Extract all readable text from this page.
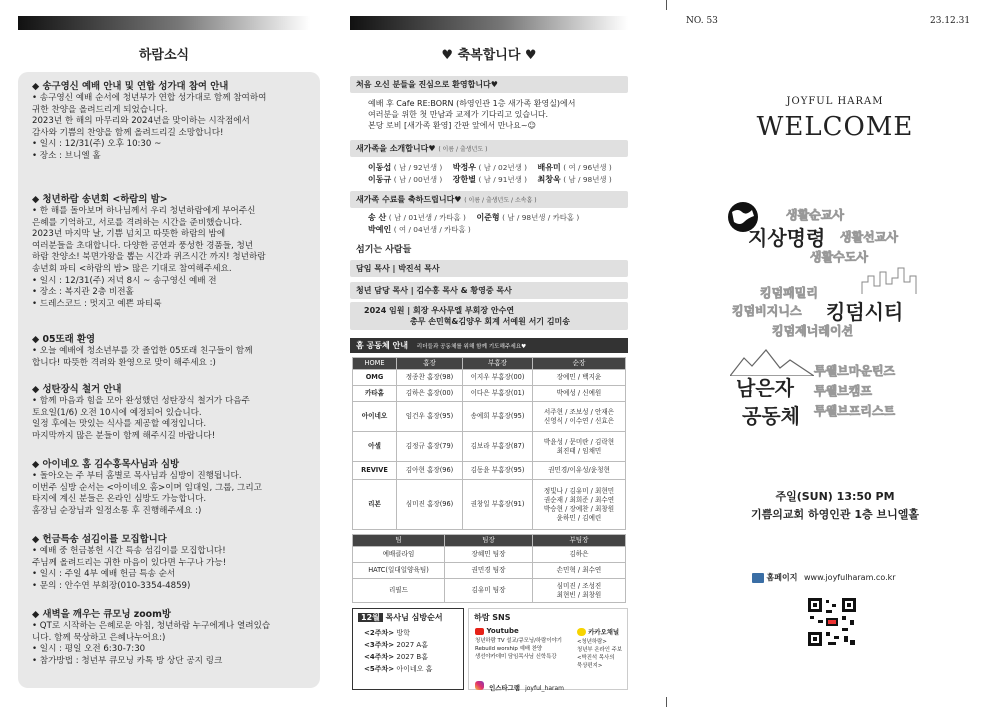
하람소식
◆ 송구영신 예배 안내 및 연합 성가대 참여 안내

• 송구영신 예배 순서에 청년부가 연합 성가대로 함께 참여하여
귀한 찬양을 올려드리게 되었습니다.
2023년 한 해의 마무리와 2024년을 맞이하는 시작점에서
감사와 기쁨의 찬양을 함께 올려드리길 소망합니다!
• 일시 : 12/31(주) 오후 10:30 ~
• 장소 : 브니엘 홀

◆ 청년하람 송년회 <하람의 밤>

• 한 해를 돌아보며 하나님께서 우리 청년하람에게 부어주신
은혜를 기억하고, 서로를 격려하는 시간을 준비했습니다.
2023년 마지막 날, 기쁨 넘치고 따뜻한 하람의 밤에
여러분들을 초대합니다. 다양한 공연과 풍성한 경품들, 청년
하람 찬양소! 북면가왕을 뽑는 시간과 퀴즈시간 까지! 청년하람
송년회 파티 <하람의 밤> 많은 기대로 참여해주세요.
• 일시 : 12/31(주) 저녁 8시 ~ 송구영신 예배 전
• 장소 : 복지관 2층 비전홀
• 드레스코드 : 멋지고 예쁜 파티룩

◆ 05또래 환영

• 오늘 예배에 청소년부를 갓 졸업한 05또래 친구들이 함께
합니다! 따뜻한 격려와 환영으로 맞이 해주세요 :)

◆ 성탄장식 철거 안내

• 함께 마음과 힘을 모아 완성했던 성탄장식 철거가 다음주
토요일(1/6) 오전 10시에 예정되어 있습니다.
일정 후에는 맛있는 식사를 제공할 예정입니다.
마지막까지 많은 분들이 함께 해주시길 바랍니다!

◆ 아이네오 홈 김수홍목사님과 심방

• 돌아오는 주 부터 홈별로 목사님과 심방이 진행됩니다.
이번주 심방 순서는 <아이네오 홈>이며 임대일, 그룹, 그리고
타지에 계신 분들은 온라인 심방도 가능합니다.
홈장님 순장님과 일정소통 후 진행해주세요 :)

◆ 헌금특송 섬김이를 모집합니다

• 예배 중 헌금봉헌 시간 특송 섬김이를 모집합니다!
주님께 올려드리는 귀한 마음이 있다면 누구나 가능!
• 일시 : 주일 4부 예배 헌금 특송 순서
• 문의 : 안수연 부회장(010-3354-4859)

◆ 새벽을 깨우는 큐모닝 zoom방

• QT로 시작하는 은혜로운 아침, 청년하람 누구에게나 열려있습
니다. 함께 묵상하고 은혜나누어요:)
• 일시 : 평일 오전 6:30-7:30
• 참가방법 : 청년부 큐모닝 카톡 방 상단 공지 링크

♥ 축복합니다 ♥
처음 오신 분들을 진심으로 환영합니다♥
예배 후 Cafe RE:BORN (하영인관 1층 새가족 환영실)에서
여러분을 위한 첫 만남과 교제가 기다리고 있습니다.
본당 로비 [새가족 환영] 간판 앞에서 만나요~☺
새가족을 소개합니다♥ ( 이름 / 출생년도 )
이동섭 ( 남 / 92년생 ) 박정우 ( 남 / 02년생 ) 배유미 ( 여 / 96년생 )
이동규 ( 남 / 00년생 ) 장한별 ( 남 / 91년생 ) 최창욱 ( 남 / 98년생 )
새가족 수료를 축하드립니다♥ ( 이름 / 출생년도 / 소속홈 )
송 산 ( 남 / 01년생 / 카타홈 ) 이준형 ( 남 / 98년생 / 카타홈 )
박예인 ( 여 / 04년생 / 카타홈 )
섬기는 사람들
담임 목사 | 박진석 목사
청년 담당 목사 | 김수홍 목사 & 황영중 목사
2024 임원 | 회장 우사무엘 부회장 안수연
총무 손민혁&김양우 회계 서예원 서기 김미송
홈 공동체 안내 리더들과 공동체를 위해 함께 기도해주세요♥
HOME	홈장	부홈장	순장
OMG	정종찬 홈장(98)	이지우 부홈장(00)	장예민 / 백지윤
카타홈	김하은 홈장(00)	이다은 부홈장(01)	박예성 / 신예원
아이네오	임건우 홈장(95)	송예희 부홈장(95)	서주현 / 조보성 / 안재은
신영식 / 이수연 / 신효은
아셀	김정규 홈장(79)	김보라 부홈장(87)	박윤성 / 문미란 / 김락현
최진태 / 임채민
REVIVE	김아현 홈장(96)	김동윤 부홈장(95)	권민경/이유성/윤청현
리본	심미진 홈장(96)	권창일 부홈장(91)	정빛나 / 김유미 / 최현민
권순재 / 최희준 / 최수연
박승현 / 장예찬 / 최창원
윤하민 / 김예린
팀	팀장	부팀장
예배클라임	장혜민 팀장	김하은
HATC(일대일양육팀)	권민경 팀장	손민혁 / 최수연
리필드	김유미 팀장	심미진 / 조성진
최현빈 / 최창원
12월 목사님 심방순서
<2주차> 방학
<3주차> 2027 A홈
<4주차> 2027 B홈
<5주차> 아이네오 홈
하람 SNS
Youtube
청년하람 TV 설교/큐모닝/하람이야기
Rebuild worship 예배 찬양
생선야카데미 담임목사님 신학특강
카카오채널
<청년하람>
청년부 온라인 주보
<박진석 목사의
묵상편지>
인스타그램 joyful_haram
NO. 53	23.12.31
JOYFUL HARAM
WELCOME
생활순교사
지상명령 생활선교사
생활수도사
킹덤패밀리
킹덤비지니스 킹덤시티
킹덤제너레이션
남은자
공동체
투웰브마운틴즈
투웰브캠프
투웰브프리스트
주일(SUN) 13:50 PM
기쁨의교회 하영인관 1층 브니엘홀
홈페이지 www.joyfulharam.co.kr
